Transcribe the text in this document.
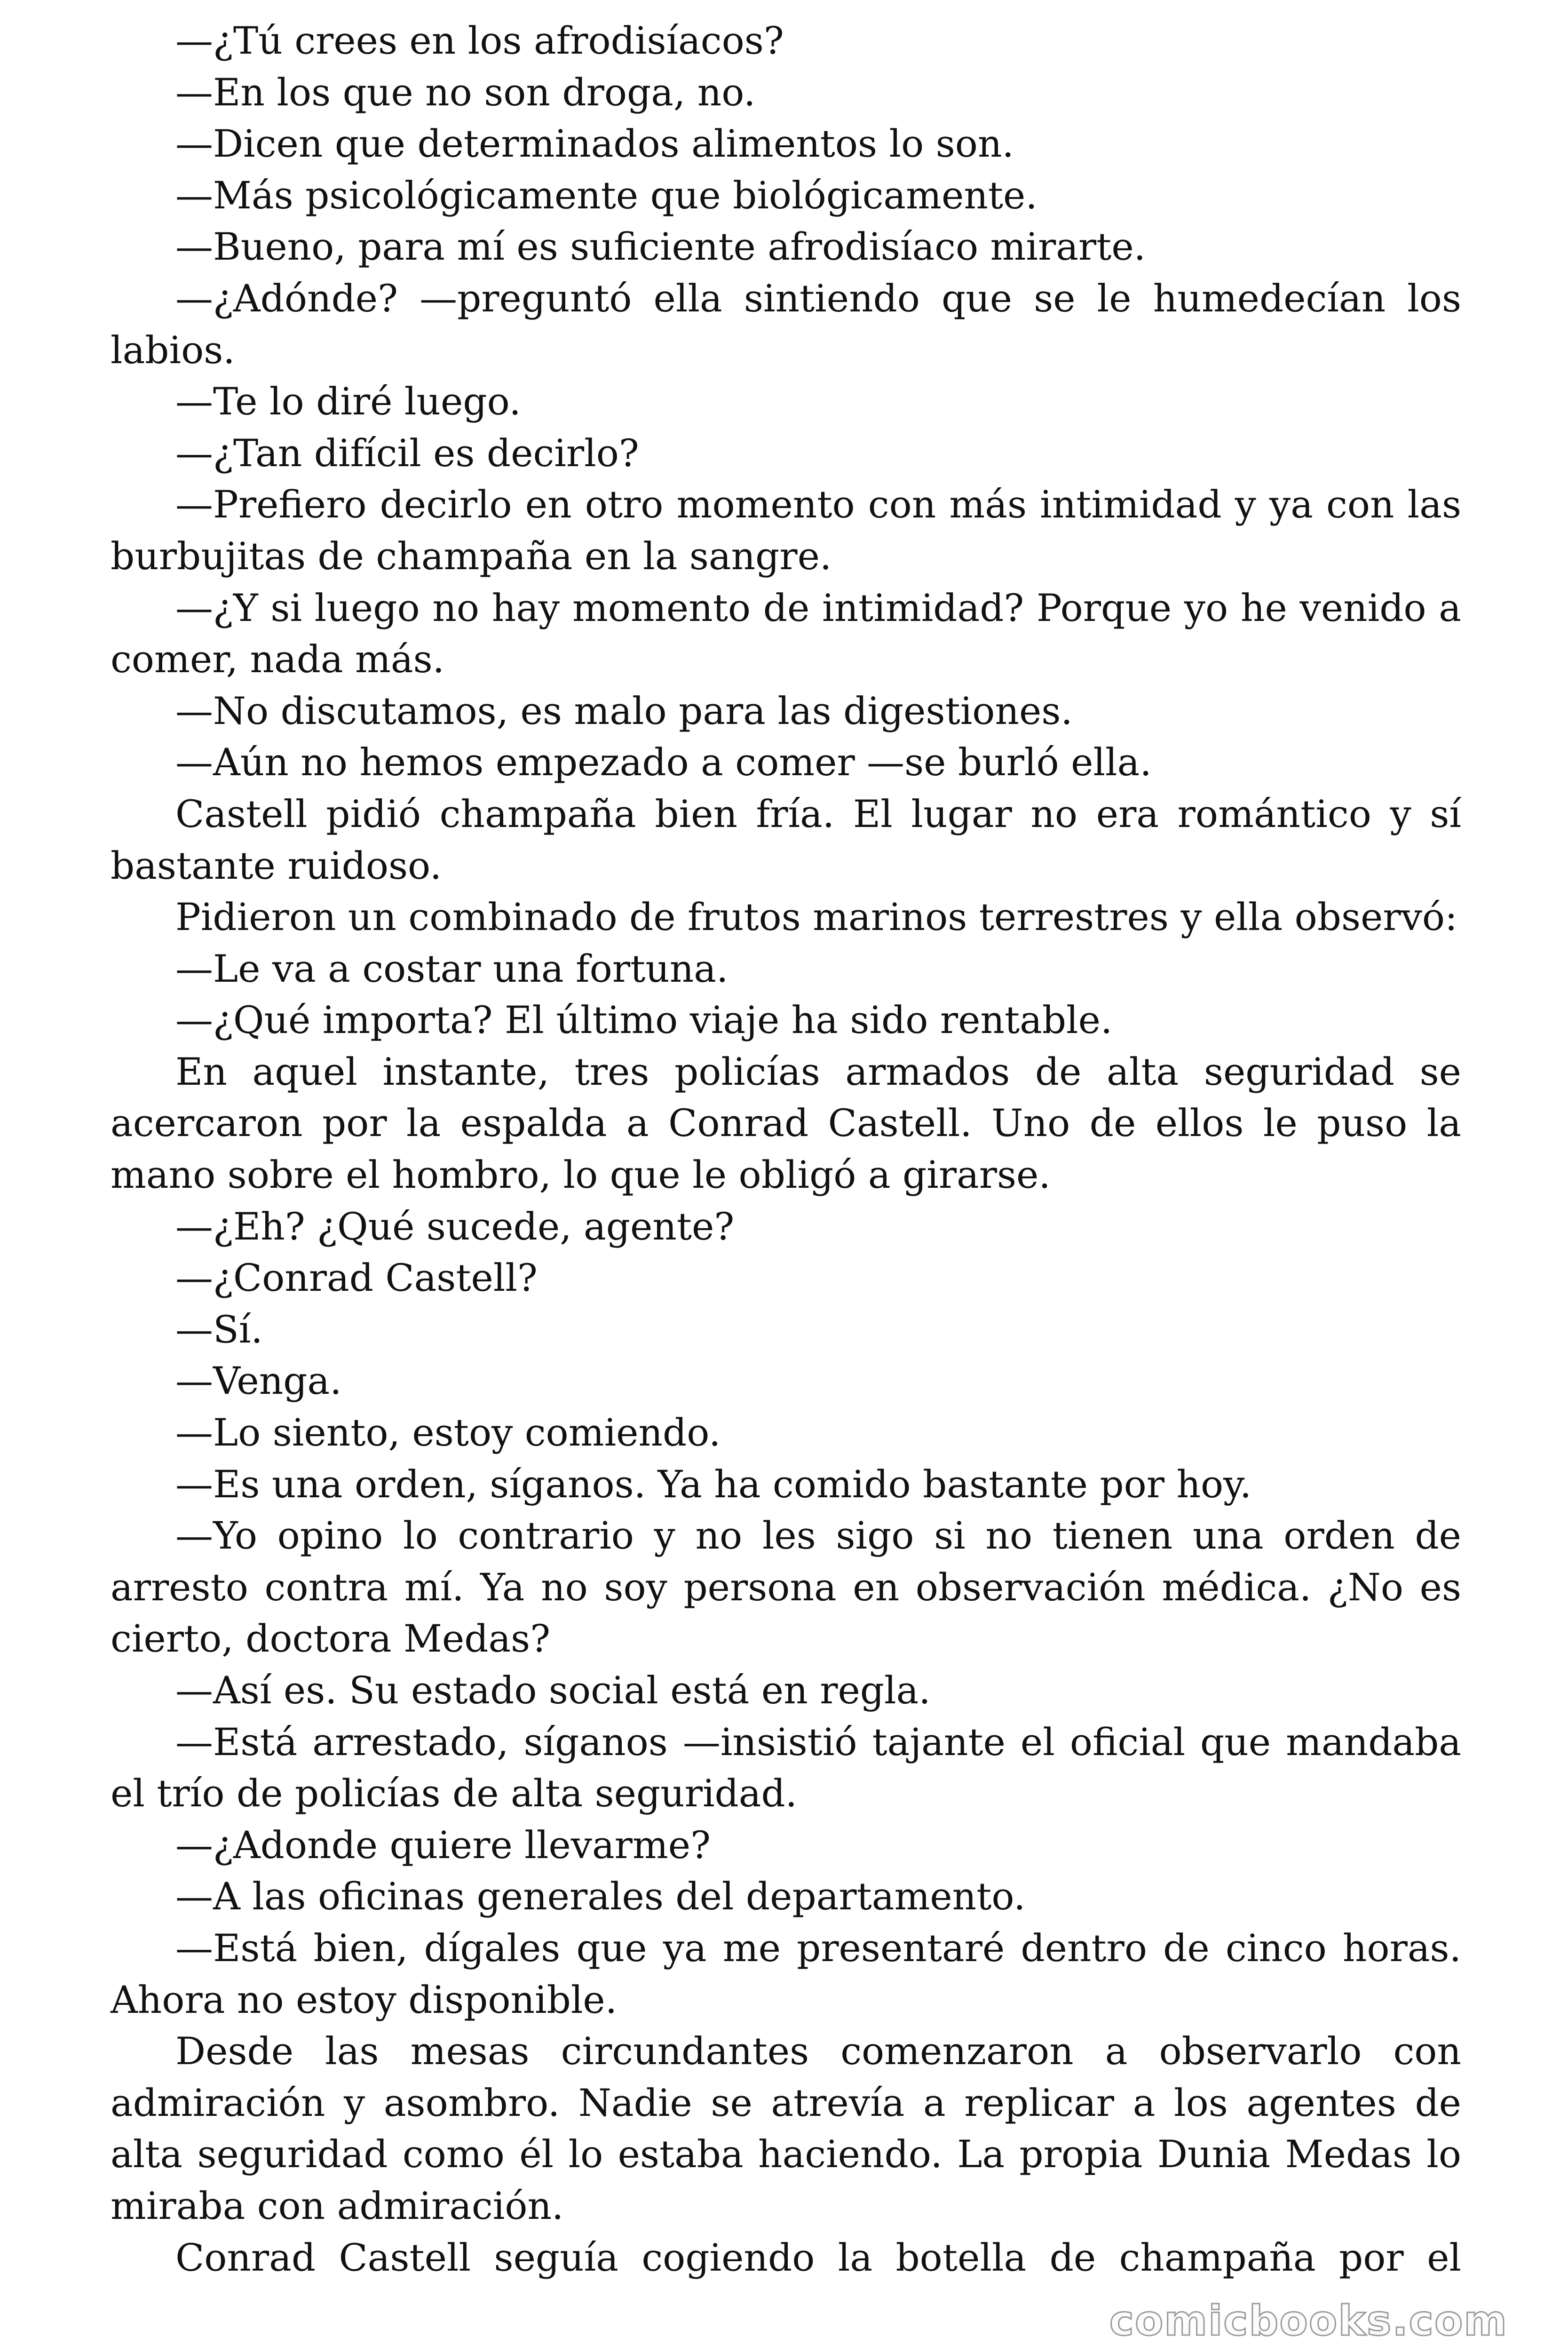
—¿Tú crees en los afrodisíacos?

—En los que no son droga, no.

—Dicen que determinados alimentos lo son.

—Más psicológicamente que biológicamente.

—Bueno, para mí es suficiente afrodisíaco mirarte.

—¿Adónde? —preguntó ella sintiendo que se le humedecían los labios.

—Te lo diré luego.

—¿Tan difícil es decirlo?

—Prefiero decirlo en otro momento con más intimidad y ya con las burbujitas de champaña en la sangre.

—¿Y si luego no hay momento de intimidad? Porque yo he venido a comer, nada más.

—No discutamos, es malo para las digestiones.

—Aún no hemos empezado a comer —se burló ella.

Castell pidió champaña bien fría. El lugar no era romántico y sí bastante ruidoso.

Pidieron un combinado de frutos marinos terrestres y ella observó:

—Le va a costar una fortuna.

—¿Qué importa? El último viaje ha sido rentable.

En aquel instante, tres policías armados de alta seguridad se acercaron por la espalda a Conrad Castell. Uno de ellos le puso la mano sobre el hombro, lo que le obligó a girarse.

—¿Eh? ¿Qué sucede, agente?

—¿Conrad Castell?

—Sí.

—Venga.

—Lo siento, estoy comiendo.

—Es una orden, síganos. Ya ha comido bastante por hoy.

—Yo opino lo contrario y no les sigo si no tienen una orden de arresto contra mí. Ya no soy persona en observación médica. ¿No es cierto, doctora Medas?

—Así es. Su estado social está en regla.

—Está arrestado, síganos —insistió tajante el oficial que mandaba el trío de policías de alta seguridad.

—¿Adonde quiere llevarme?

—A las oficinas generales del departamento.

—Está bien, dígales que ya me presentaré dentro de cinco horas. Ahora no estoy disponible.

Desde las mesas circundantes comenzaron a observarlo con admiración y asombro. Nadie se atrevía a replicar a los agentes de alta seguridad como él lo estaba haciendo. La propia Dunia Medas lo miraba con admiración.

Conrad Castell seguía cogiendo la botella de champaña por el

comicbooks.com
